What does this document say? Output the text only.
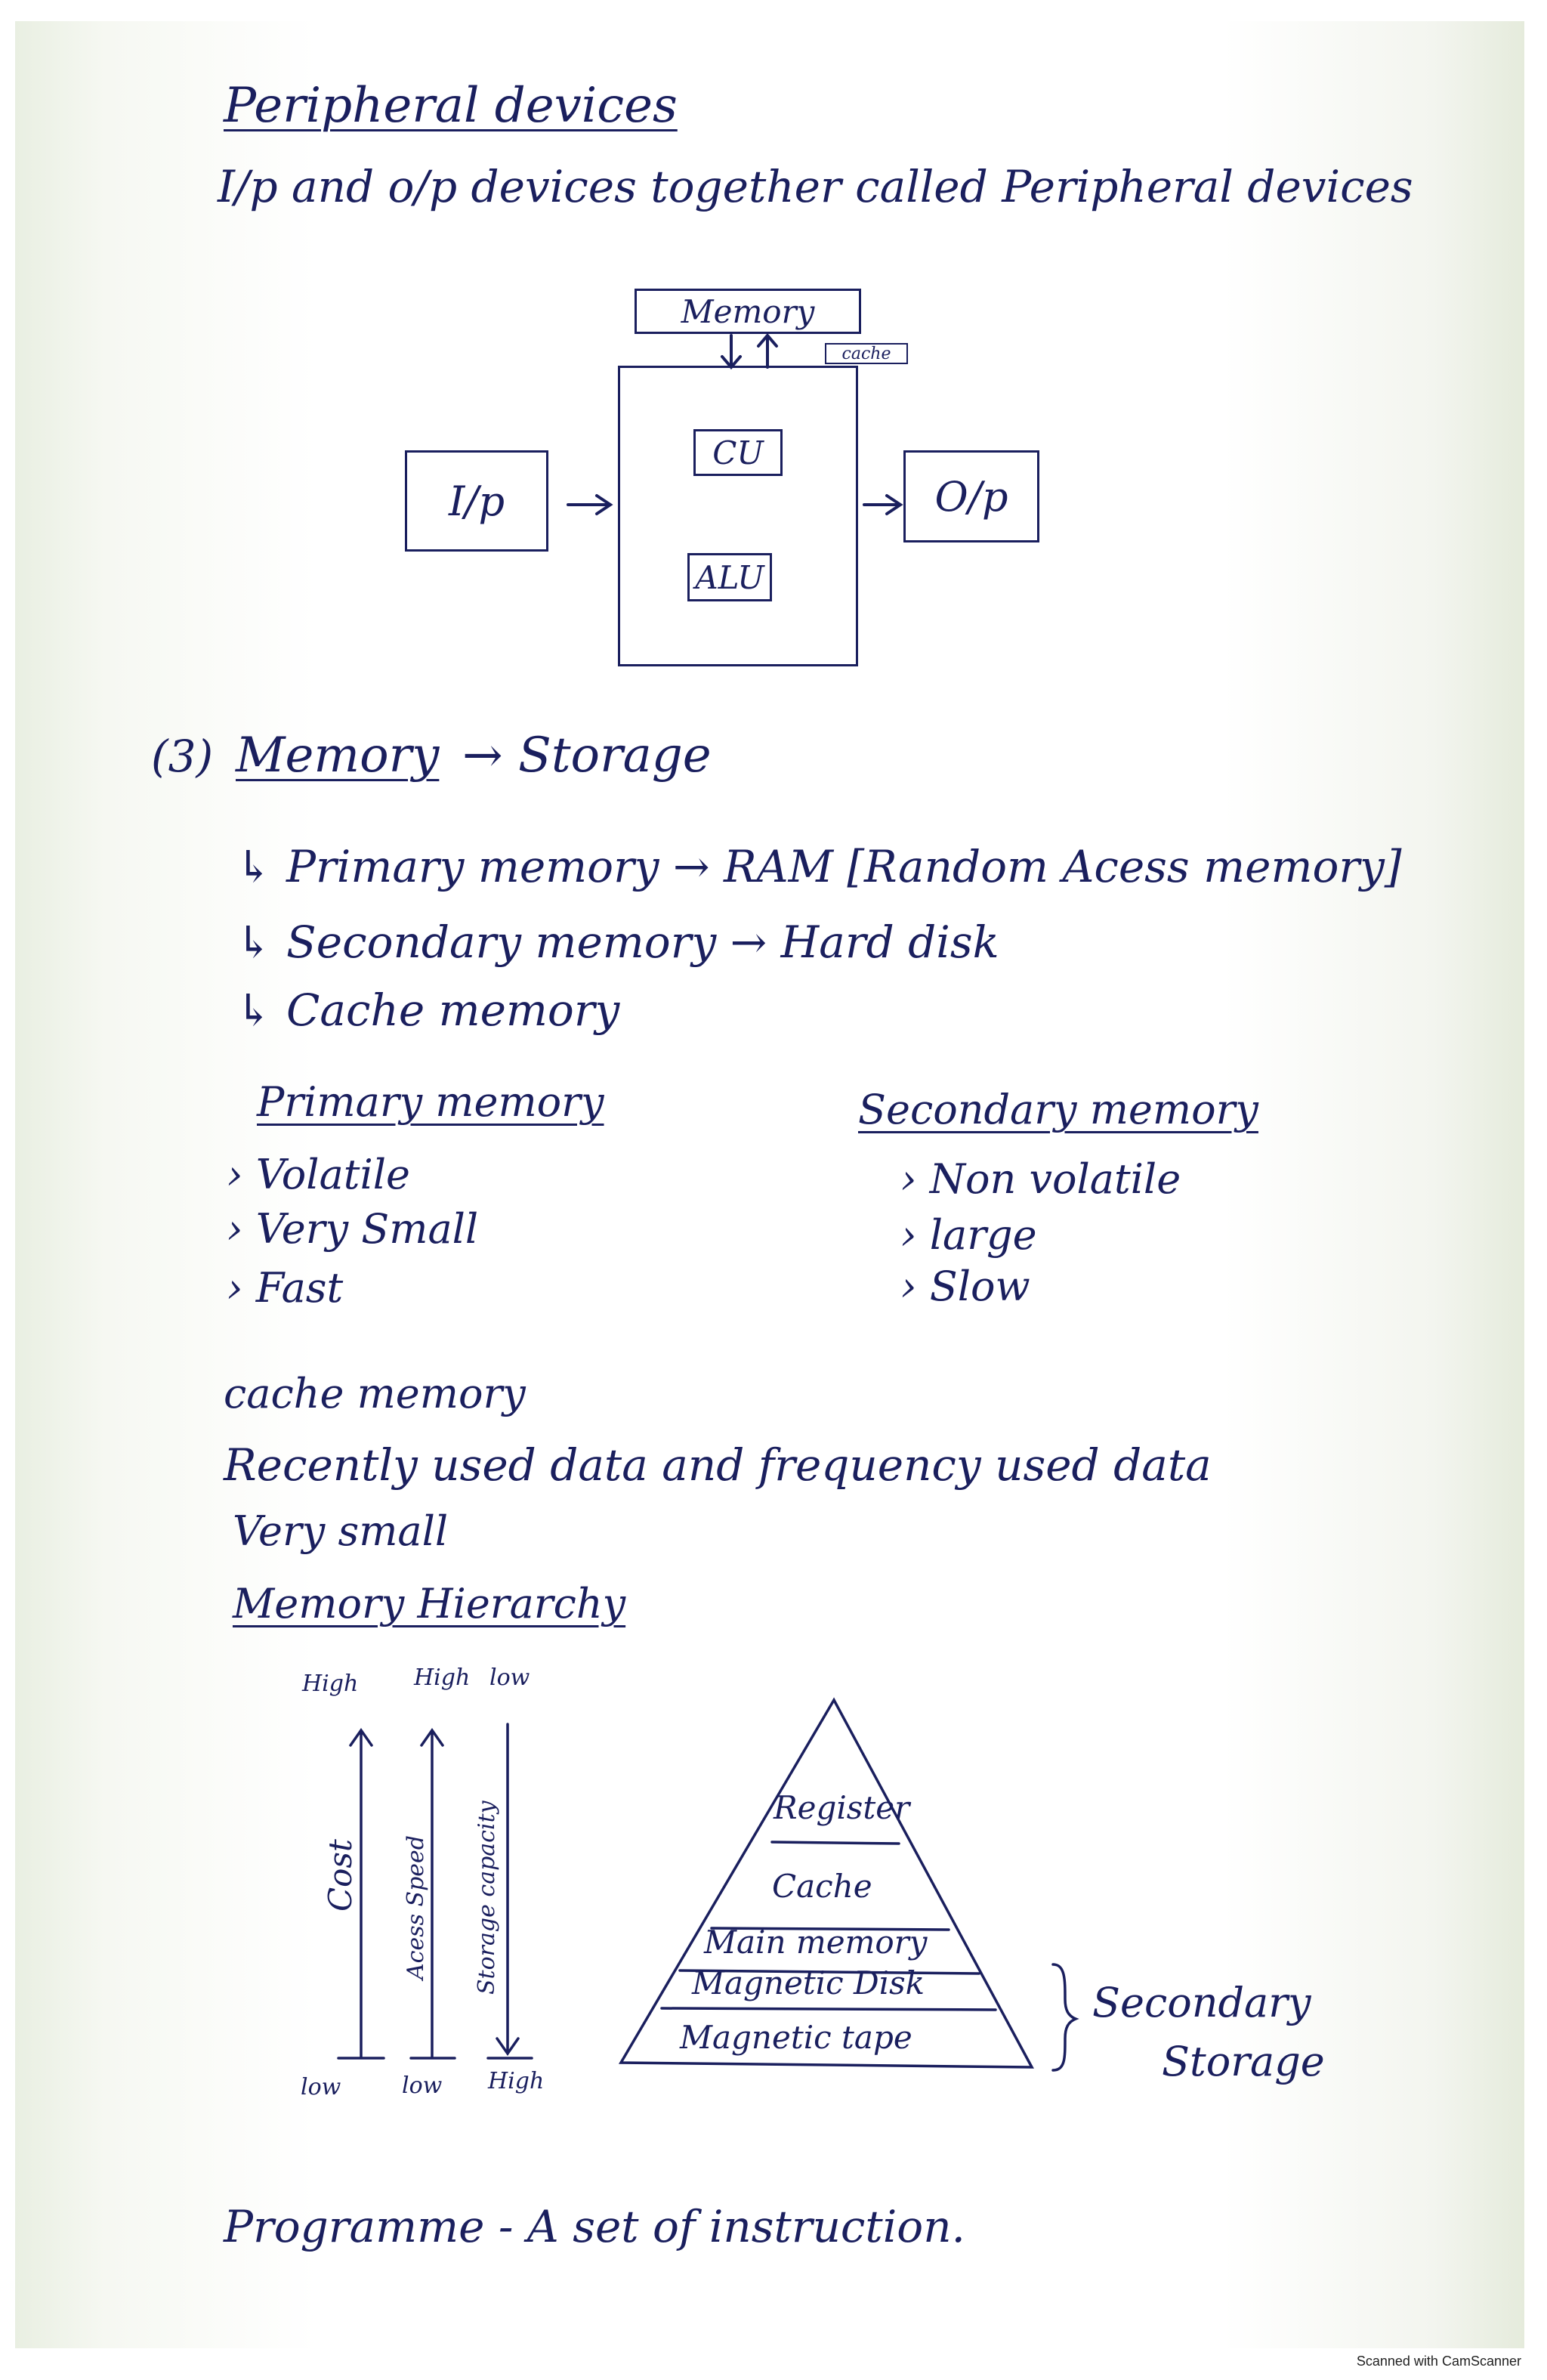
Peripheral devices
I/p and o/p devices together called Peripheral devices
Memory
cache
CU
ALU
I/p	O/p
(3) Memory → Storage
↳ Primary memory → RAM [Random Acess memory]
↳ Secondary memory → Hard disk
↳ Cache memory
Primary memory
› Volatile
› Very Small
› Fast
Secondary memory
› Non volatile
› large
› Slow
cache memory
Recently used data and frequency used data
Very small
Memory Hierarchy
High High low
low	low High
Cost Acess Speed Storage capacity	Register
Cache
Main memory
Magnetic Disk
Magnetic tape
Secondary
Storage
Programme - A set of instruction.
Scanned with CamScanner
